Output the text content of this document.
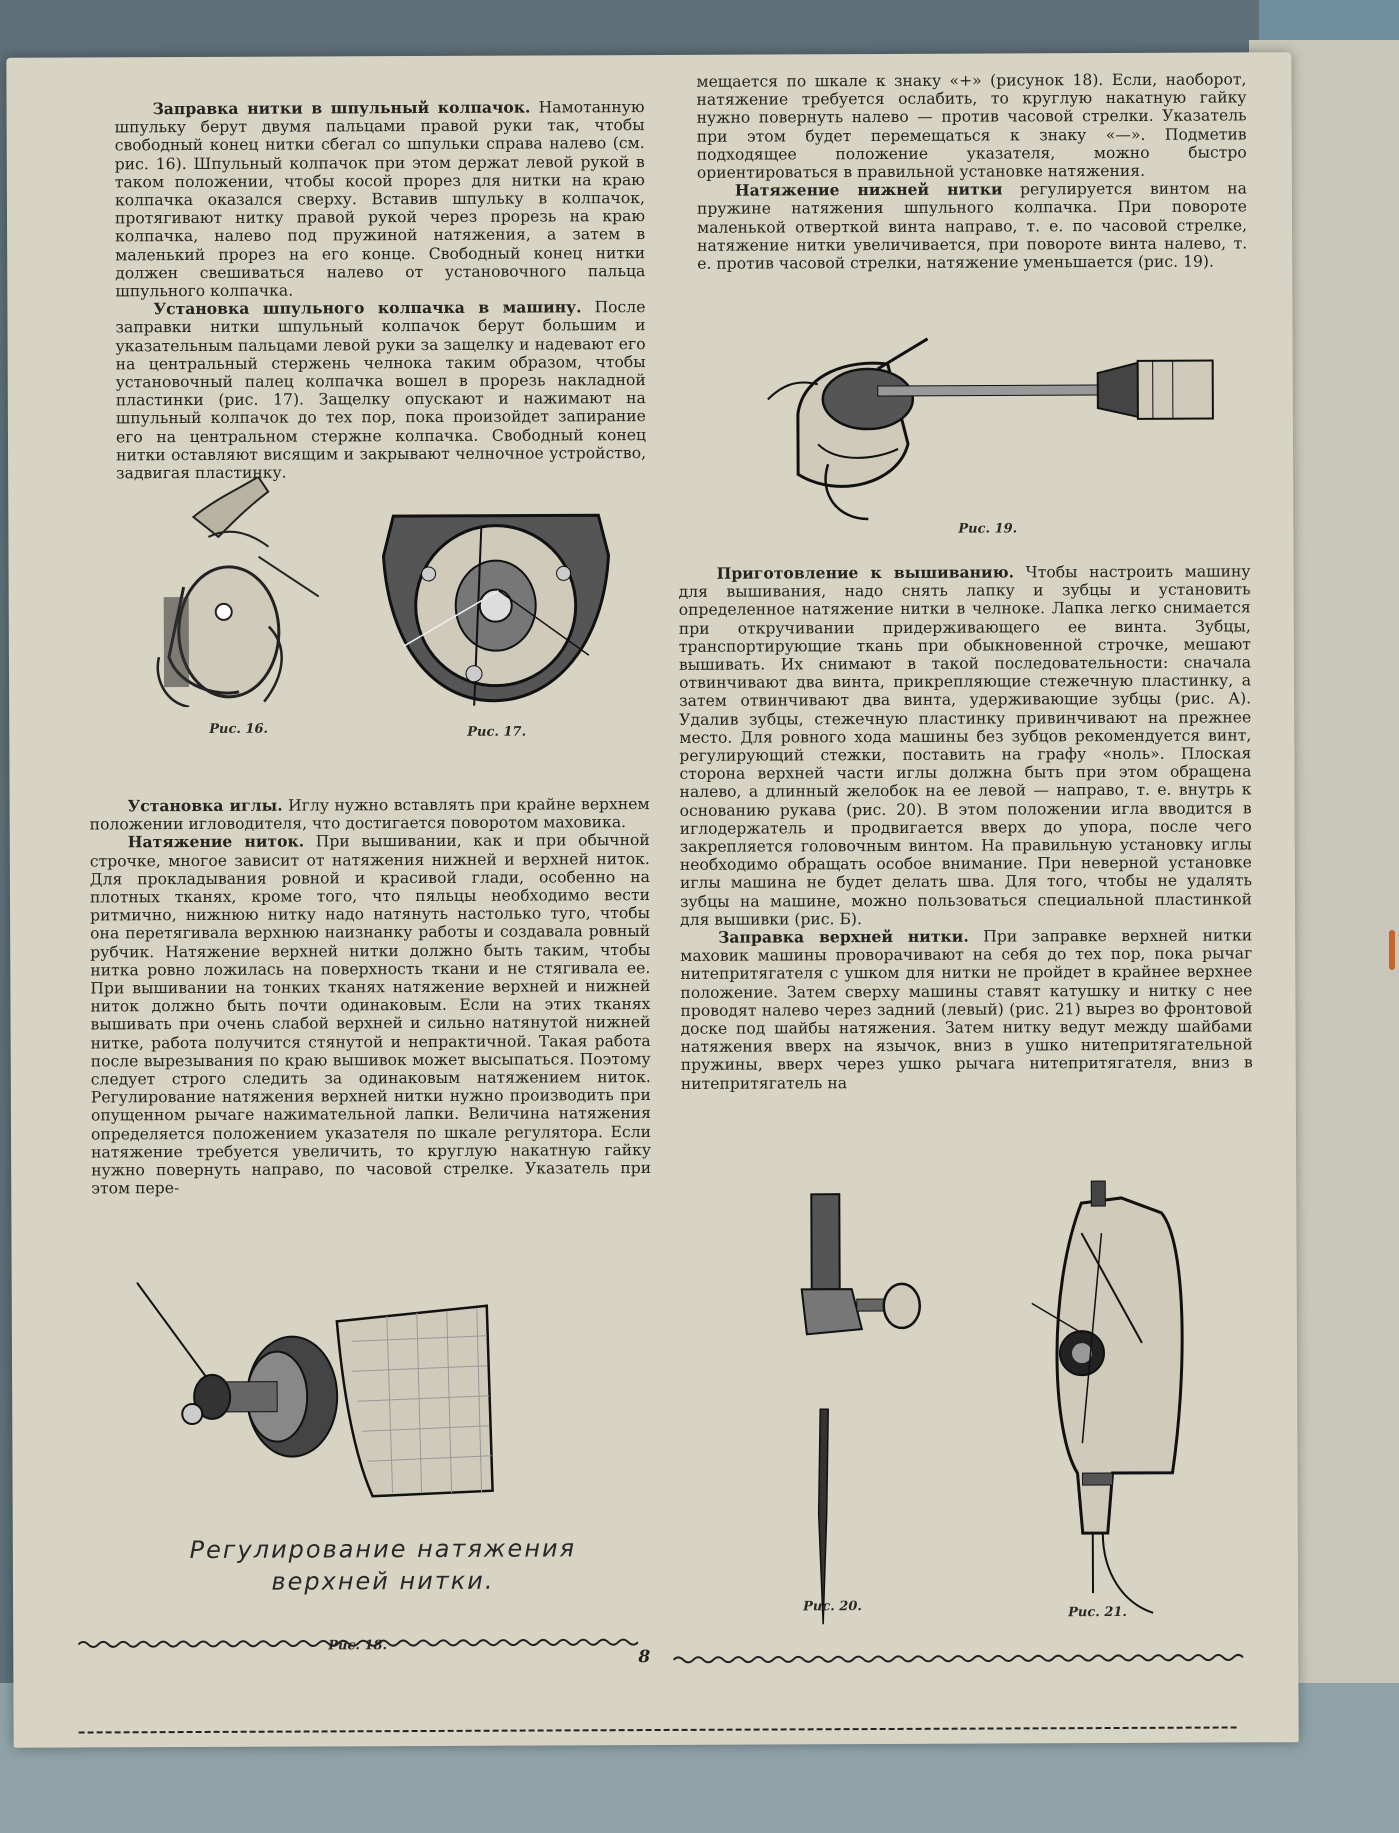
Заправка нитки в шпульный колпачок. Намотанную шпульку берут двумя пальцами правой руки так, чтобы свободный конец нитки сбегал со шпульки справа налево (см. рис. 16). Шпульный колпачок при этом держат левой рукой в таком положении, чтобы косой прорез для нитки на краю колпачка оказался сверху. Вставив шпульку в колпачок, протягивают нитку правой рукой через прорезь на краю колпачка, налево под пружиной натяжения, а затем в маленький прорез на его конце. Свободный конец нитки должен свешиваться налево от установочного пальца шпульного колпачка.

Установка шпульного колпачка в машину. После заправки нитки шпульный колпачок берут большим и указательным пальцами левой руки за защелку и надевают его на центральный стержень челнока таким образом, чтобы установочный палец колпачка вошел в прорезь накладной пластинки (рис. 17). Защелку опускают и нажимают на шпульный колпачок до тех пор, пока произойдет запирание его на центральном стержне колпачка. Свободный конец нитки оставляют висящим и закрывают челночное устройство, задвигая пластинку.

Рис. 16.	Рис. 17.

Установка иглы. Иглу нужно вставлять при крайне верхнем положении игловодителя, что достигается поворотом маховика.

Натяжение ниток. При вышивании, как и при обычной строчке, многое зависит от натяжения нижней и верхней ниток. Для прокладывания ровной и красивой глади, особенно на плотных тканях, кроме того, что пяльцы необходимо вести ритмично, нижнюю нитку надо натянуть настолько туго, чтобы она перетягивала верхнюю наизнанку работы и создавала ровный рубчик. Натяжение верхней нитки должно быть таким, чтобы нитка ровно ложилась на поверхность ткани и не стягивала ее. При вышивании на тонких тканях натяжение верхней и нижней ниток должно быть почти одинаковым. Если на этих тканях вышивать при очень слабой верхней и сильно натянутой нижней нитке, работа получится стянутой и непрактичной. Такая работа после вырезывания по краю вышивок может высыпаться. Поэтому следует строго следить за одинаковым натяжением ниток. Регулирование натяжения верхней нитки нужно производить при опущенном рычаге нажимательной лапки. Величина натяжения определяется положением указателя по шкале регулятора. Если натяжение требуется увеличить, то круглую накатную гайку нужно повернуть направо, по часовой стрелке. Указатель при этом пере-

Регулирование натяжения
верхней нитки.
Рис. 18.

мещается по шкале к знаку «+» (рисунок 18). Если, наоборот, натяжение требуется ослабить, то круглую накатную гайку нужно повернуть налево — против часовой стрелки. Указатель при этом будет перемещаться к знаку «—». Подметив подходящее положение указателя, можно быстро ориентироваться в правильной установке натяжения.

Натяжение нижней нитки регулируется винтом на пружине натяжения шпульного колпачка. При повороте маленькой отверткой винта направо, т. е. по часовой стрелке, натяжение нитки увеличивается, при повороте винта налево, т. е. против часовой стрелки, натяжение уменьшается (рис. 19).

Рис. 19.

Приготовление к вышиванию. Чтобы настроить машину для вышивания, надо снять лапку и зубцы и установить определенное натяжение нитки в челноке. Лапка легко снимается при откручивании придерживающего ее винта. Зубцы, транспортирующие ткань при обыкновенной строчке, мешают вышивать. Их снимают в такой последовательности: сначала отвинчивают два винта, прикрепляющие стежечную пластинку, а затем отвинчивают два винта, удерживающие зубцы (рис. А). Удалив зубцы, стежечную пластинку привинчивают на прежнее место. Для ровного хода машины без зубцов рекомендуется винт, регулирующий стежки, поставить на графу «ноль». Плоская сторона верхней части иглы должна быть при этом обращена налево, а длинный желобок на ее левой — направо, т. е. внутрь к основанию рукава (рис. 20). В этом положении игла вводится в иглодержатель и продвигается вверх до упора, после чего закрепляется головочным винтом. На правильную установку иглы необходимо обращать особое внимание. При неверной установке иглы машина не будет делать шва. Для того, чтобы не удалять зубцы на машине, можно пользоваться специальной пластинкой для вышивки (рис. Б).

Заправка верхней нитки. При заправке верхней нитки маховик машины проворачивают на себя до тех пор, пока рычаг нитепритягателя с ушком для нитки не пройдет в крайнее верхнее положение. Затем сверху машины ставят катушку и нитку с нее проводят налево через задний (левый) (рис. 21) вырез во фронтовой доске под шайбы натяжения. Затем нитку ведут между шайбами натяжения вверх на язычок, вниз в ушко нитепритягательной пружины, вверх через ушко рычага нитепритягателя, вниз в нитепритягатель на

Рис. 20.	Рис. 21.
8
